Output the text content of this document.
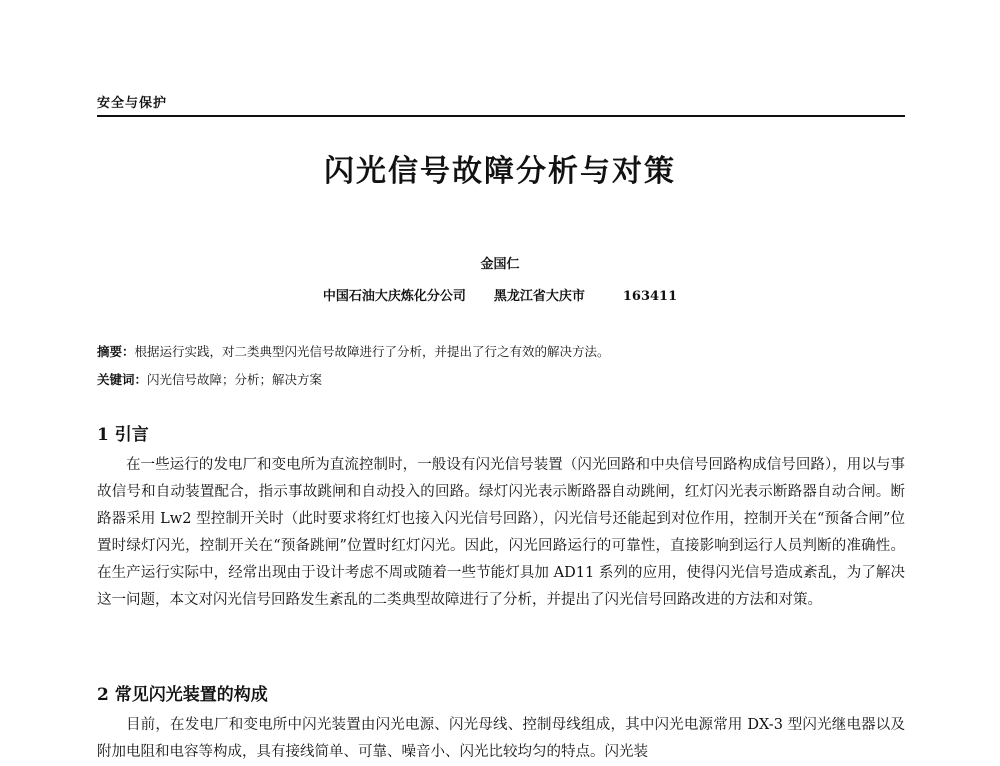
安全与保护
闪光信号故障分析与对策
金国仁
中国石油大庆炼化分公司 黑龙江省大庆市	163411
摘要：根据运行实践，对二类典型闪光信号故障进行了分析，并提出了行之有效的解决方法。
关键词：闪光信号故障；分析；解决方案
1 引言

在一些运行的发电厂和变电所为直流控制时，一般设有闪光信号装置（闪光回路和中央信号回路构成信号回路），用以与事故信号和自动装置配合，指示事故跳闸和自动投入的回路。绿灯闪光表示断路器自动跳闸，红灯闪光表示断路器自动合闸。断路器采用 Lw2 型控制开关时（此时要求将红灯也接入闪光信号回路），闪光信号还能起到对位作用，控制开关在“预备合闸”位置时绿灯闪光，控制开关在“预备跳闸”位置时红灯闪光。因此，闪光回路运行的可靠性，直接影响到运行人员判断的准确性。在生产运行实际中，经常出现由于设计考虑不周或随着一些节能灯具加 AD11 系列的应用，使得闪光信号造成紊乱，为了解决这一问题，本文对闪光信号回路发生紊乱的二类典型故障进行了分析，并提出了闪光信号回路改进的方法和对策。

2 常见闪光装置的构成

目前，在发电厂和变电所中闪光装置由闪光电源、闪光母线、控制母线组成，其中闪光电源常用 DX-3 型闪光继电器以及附加电阻和电容等构成，具有接线简单、可靠、噪音小、闪光比较均匀的特点。闪光装
